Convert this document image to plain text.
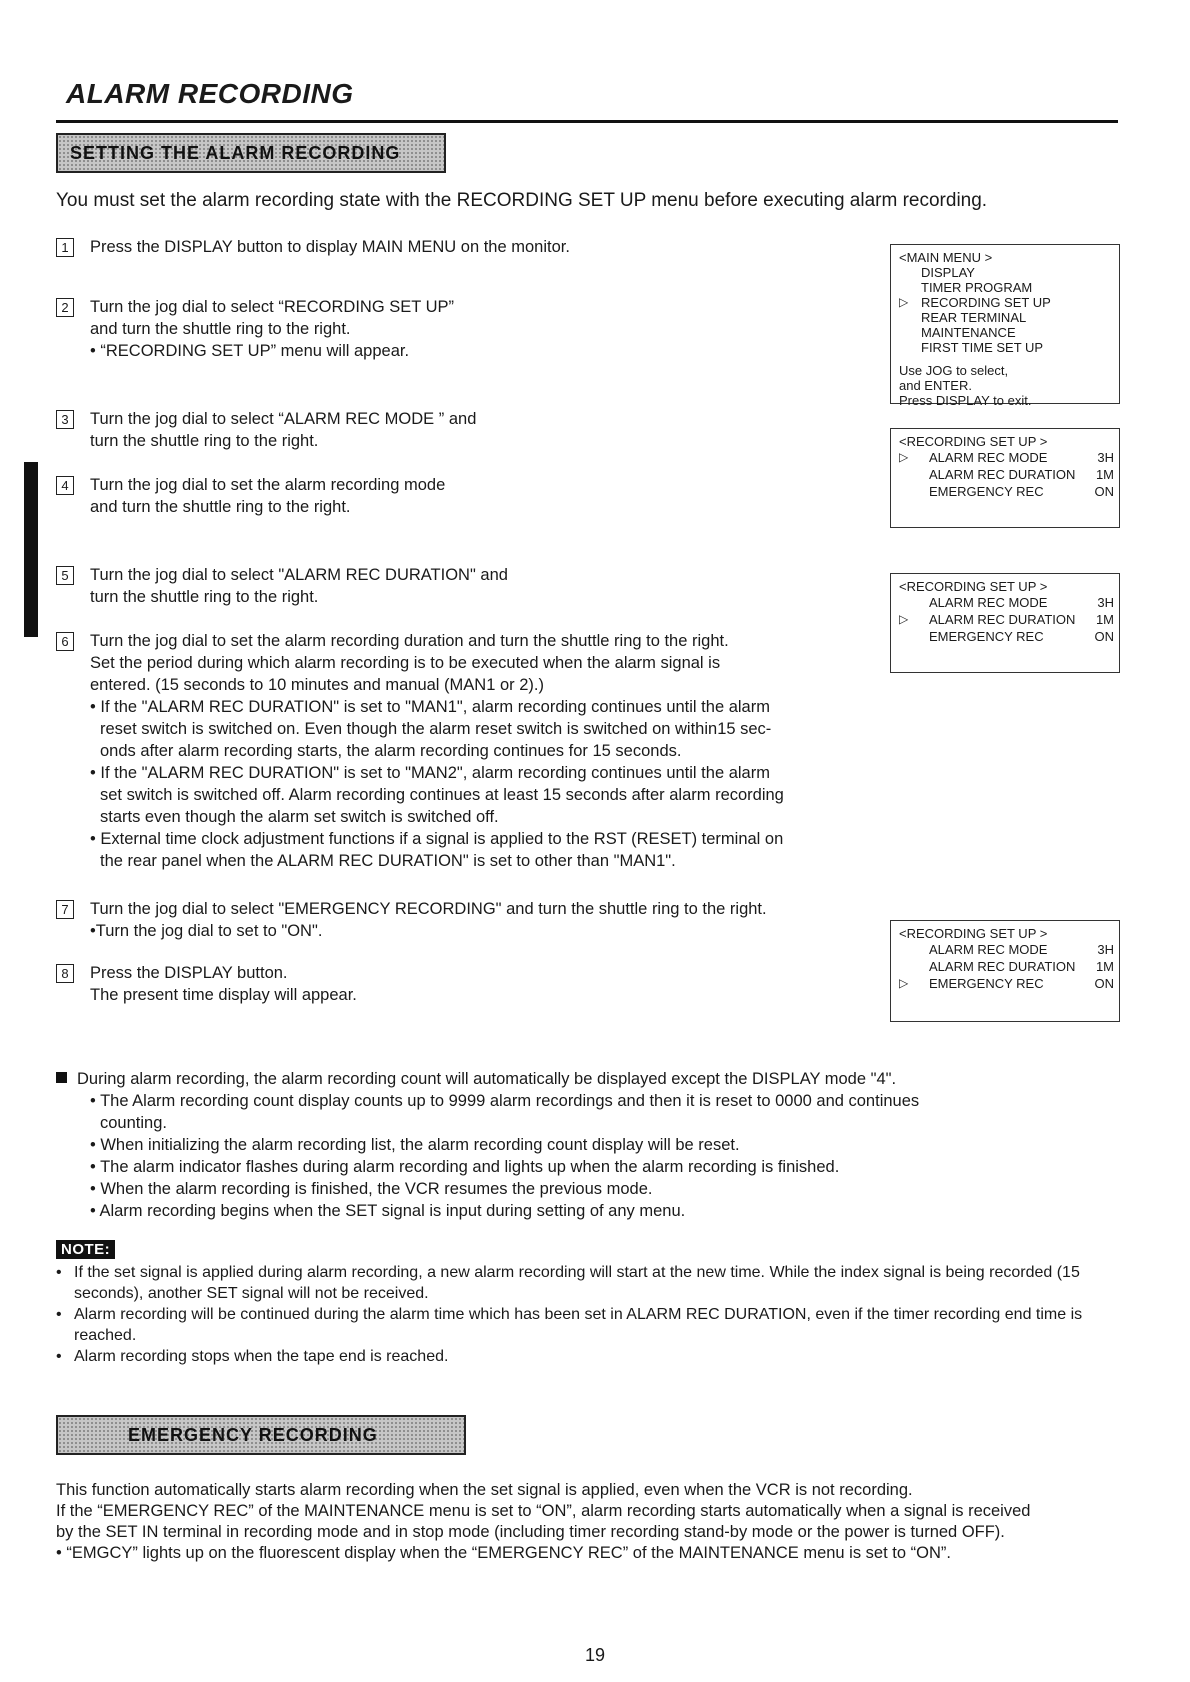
ALARM RECORDING
SETTING THE ALARM RECORDING
You must set the alarm recording state with the RECORDING SET UP menu before executing alarm recording.
1	Press the DISPLAY button to display MAIN MENU on the monitor.
2	Turn the jog dial to select “RECORDING SET UP”
and turn the shuttle ring to the right.
• “RECORDING SET UP” menu will appear.
3	Turn the jog dial to select “ALARM REC MODE ” and
turn the shuttle ring to the right.
4	Turn the jog dial to set the alarm recording mode
and turn the shuttle ring to the right.
5	Turn the jog dial to select "ALARM REC DURATION" and
turn the shuttle ring to the right.
6	Turn the jog dial to set the alarm recording duration and turn the shuttle ring to the right.
Set the period during which alarm recording is to be executed when the alarm signal is
entered. (15 seconds to 10 minutes and manual (MAN1 or 2).)
• If the "ALARM REC DURATION" is set to "MAN1", alarm recording continues until the alarm
reset switch is switched on. Even though the alarm reset switch is switched on within15 sec-
onds after alarm recording starts, the alarm recording continues for 15 seconds.
• If the "ALARM REC DURATION" is set to "MAN2", alarm recording continues until the alarm
set switch is switched off. Alarm recording continues at least 15 seconds after alarm recording
starts even though the alarm set switch is switched off.
• External time clock adjustment functions if a signal is applied to the RST (RESET) terminal on
the rear panel when the ALARM REC DURATION" is set to other than "MAN1".
7	Turn the jog dial to select "EMERGENCY RECORDING" and turn the shuttle ring to the right.
•Turn the jog dial to set to "ON".
8	Press the DISPLAY button.
The present time display will appear.
<MAIN MENU >
DISPLAY
TIMER PROGRAM
▷ RECORDING SET UP
REAR TERMINAL
MAINTENANCE
FIRST TIME SET UP
Use JOG to select,
and ENTER.
Press DISPLAY to exit.
<RECORDING SET UP >
▷ ALARM REC MODE	3H
ALARM REC DURATION 1M
EMERGENCY REC	ON
<RECORDING SET UP >
ALARM REC MODE	3H
▷ ALARM REC DURATION 1M
EMERGENCY REC	ON
<RECORDING SET UP >
ALARM REC MODE	3H
ALARM REC DURATION 1M
▷ EMERGENCY REC	ON
During alarm recording, the alarm recording count will automatically be displayed except the DISPLAY mode "4".
• The Alarm recording count display counts up to 9999 alarm recordings and then it is reset to 0000 and continues
counting.
• When initializing the alarm recording list, the alarm recording count display will be reset.
• The alarm indicator flashes during alarm recording and lights up when the alarm recording is finished.
• When the alarm recording is finished, the VCR resumes the previous mode.
• Alarm recording begins when the SET signal is input during setting of any menu.
NOTE:
• If the set signal is applied during alarm recording, a new alarm recording will start at the new time. While the index signal is being recorded (15 seconds), another SET signal will not be received.
• Alarm recording will be continued during the alarm time which has been set in ALARM REC DURATION, even if the timer recording end time is reached.
• Alarm recording stops when the tape end is reached.
EMERGENCY RECORDING
This function automatically starts alarm recording when the set signal is applied, even when the VCR is not recording.
If the “EMERGENCY REC” of the MAINTENANCE menu is set to “ON”, alarm recording starts automatically when a signal is received
by the SET IN terminal in recording mode and in stop mode (including timer recording stand-by mode or the power is turned OFF).
• “EMGCY” lights up on the fluorescent display when the “EMERGENCY REC” of the MAINTENANCE menu is set to “ON”.
19
